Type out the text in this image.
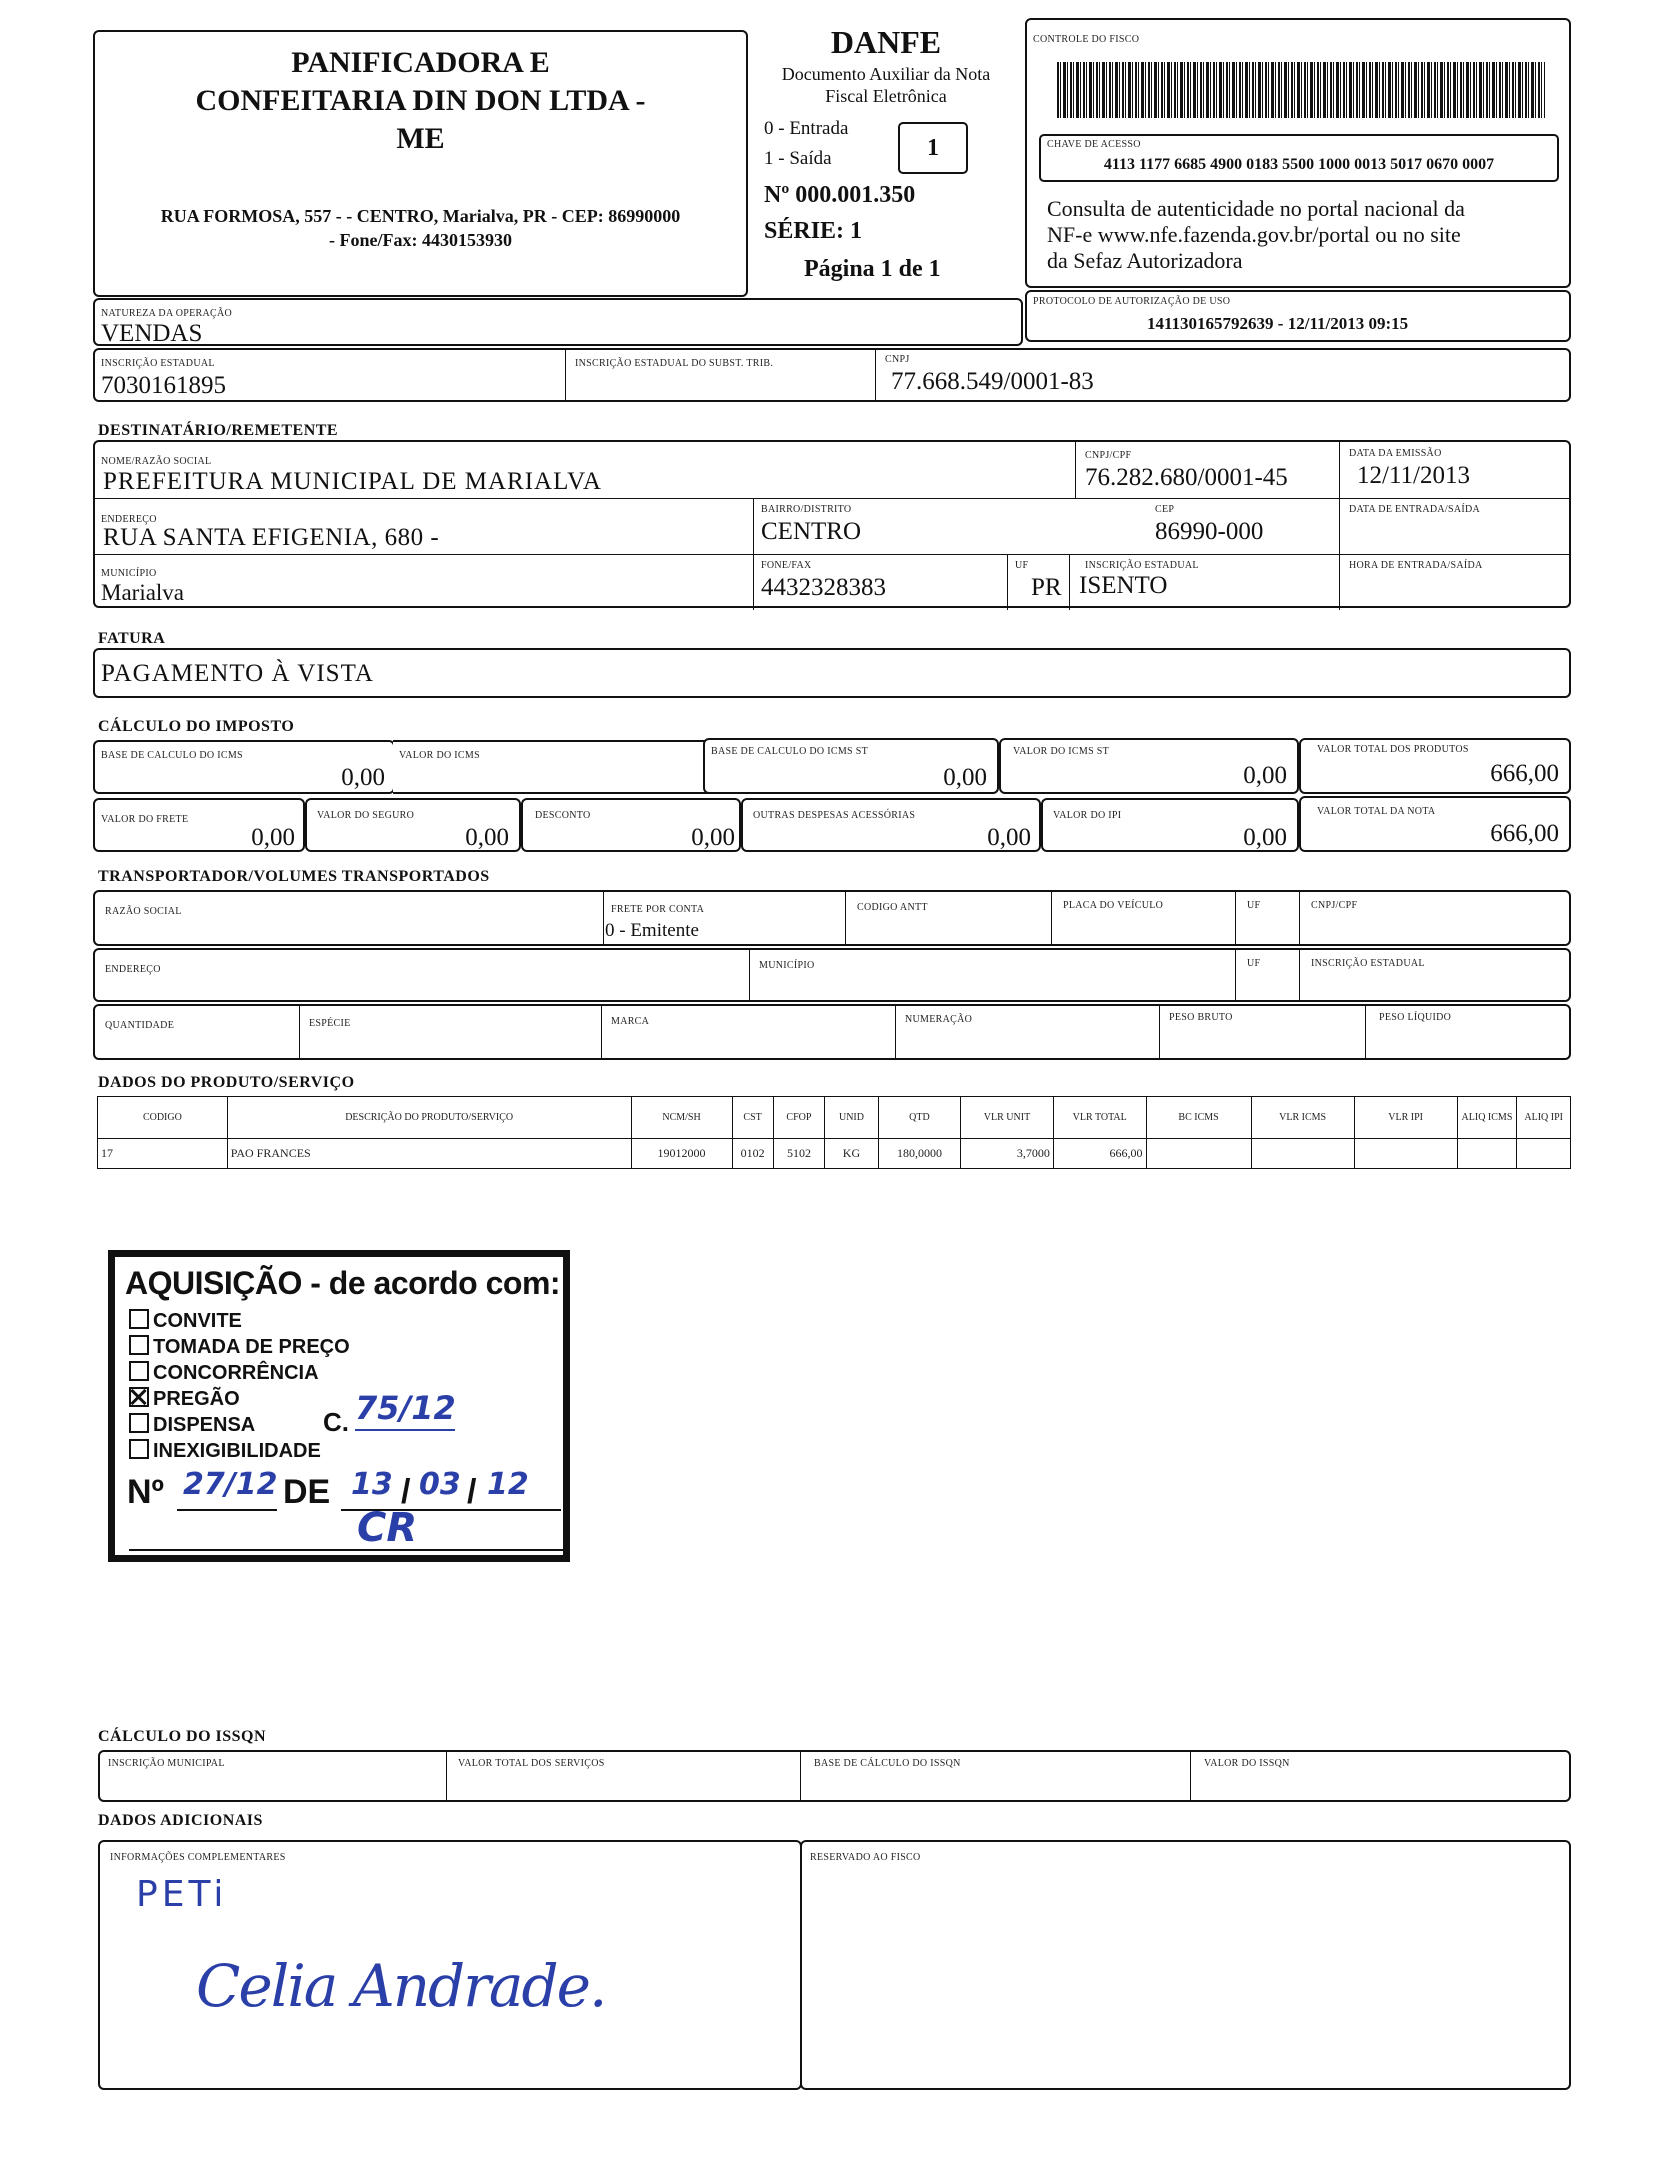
PANIFICADORA E
CONFEITARIA DIN DON LTDA -
ME
RUA FORMOSA, 557 - - CENTRO, Marialva, PR - CEP: 86990000
- Fone/Fax: 4430153930
DANFE
Documento Auxiliar da Nota
Fiscal Eletrônica
0 - Entrada
1 - Saída	1
Nº 000.001.350
SÉRIE: 1
Página 1 de 1
CONTROLE DO FISCO
CHAVE DE ACESSO
4113 1177 6685 4900 0183 5500 1000 0013 5017 0670 0007
Consulta de autenticidade no portal nacional da
NF-e www.nfe.fazenda.gov.br/portal ou no site
da Sefaz Autorizadora
NATUREZA DA OPERAÇÃO
VENDAS
PROTOCOLO DE AUTORIZAÇÃO DE USO
141130165792639 - 12/11/2013 09:15
INSCRIÇÃO ESTADUAL
7030161895
INSCRIÇÃO ESTADUAL DO SUBST. TRIB.	CNPJ
77.668.549/0001-83
DESTINATÁRIO/REMETENTE
NOME/RAZÃO SOCIAL
PREFEITURA MUNICIPAL DE MARIALVA
CNPJ/CPF
76.282.680/0001-45
DATA DA EMISSÃO
12/11/2013
ENDEREÇO
RUA SANTA EFIGENIA, 680 -
BAIRRO/DISTRITO
CENTRO
CEP
86990-000
DATA DE ENTRADA/SAÍDA
MUNICÍPIO
Marialva
FONE/FAX
4432328383
UF
PR
INSCRIÇÃO ESTADUAL
ISENTO
HORA DE ENTRADA/SAÍDA
FATURA
PAGAMENTO À VISTA
CÁLCULO DO IMPOSTO
BASE DE CALCULO DO ICMS
0,00
VALOR DO ICMS	BASE DE CALCULO DO ICMS ST
0,00
VALOR DO ICMS ST
0,00
VALOR TOTAL DOS PRODUTOS
666,00
VALOR DO FRETE
0,00
VALOR DO SEGURO
0,00
DESCONTO
0,00
OUTRAS DESPESAS ACESSÓRIAS
0,00
VALOR DO IPI
0,00
VALOR TOTAL DA NOTA
666,00
TRANSPORTADOR/VOLUMES TRANSPORTADOS
RAZÃO SOCIAL	FRETE POR CONTA
0 - Emitente
CODIGO ANTT	PLACA DO VEÍCULO	UF	CNPJ/CPF
ENDEREÇO	MUNICÍPIO	UF	INSCRIÇÃO ESTADUAL
QUANTIDADE	ESPÉCIE	MARCA	NUMERAÇÃO	PESO BRUTO	PESO LÍQUIDO
DADOS DO PRODUTO/SERVIÇO
CODIGO	DESCRIÇÃO DO PRODUTO/SERVIÇO	NCM/SH	CST	CFOP	UNID	QTD	VLR UNIT	VLR TOTAL	BC ICMS	VLR ICMS	VLR IPI	ALIQ ICMS	ALIQ IPI
17	PAO FRANCES	19012000	0102	5102	KG	180,0000	3,7000	666,00					
AQUISIÇÃO - de acordo com:
CONVITE
TOMADA DE PREÇO
CONCORRÊNCIA
PREGÃO
DISPENSA
INEXIGIBILIDADE
C. 75/12
Nº 27/12 DE 13 / 03 / 12
CR
CÁLCULO DO ISSQN
INSCRIÇÃO MUNICIPAL	VALOR TOTAL DOS SERVIÇOS	BASE DE CÁLCULO DO ISSQN	VALOR DO ISSQN
DADOS ADICIONAIS
INFORMAÇÕES COMPLEMENTARES
PETi
Celia Andrade.
RESERVADO AO FISCO
